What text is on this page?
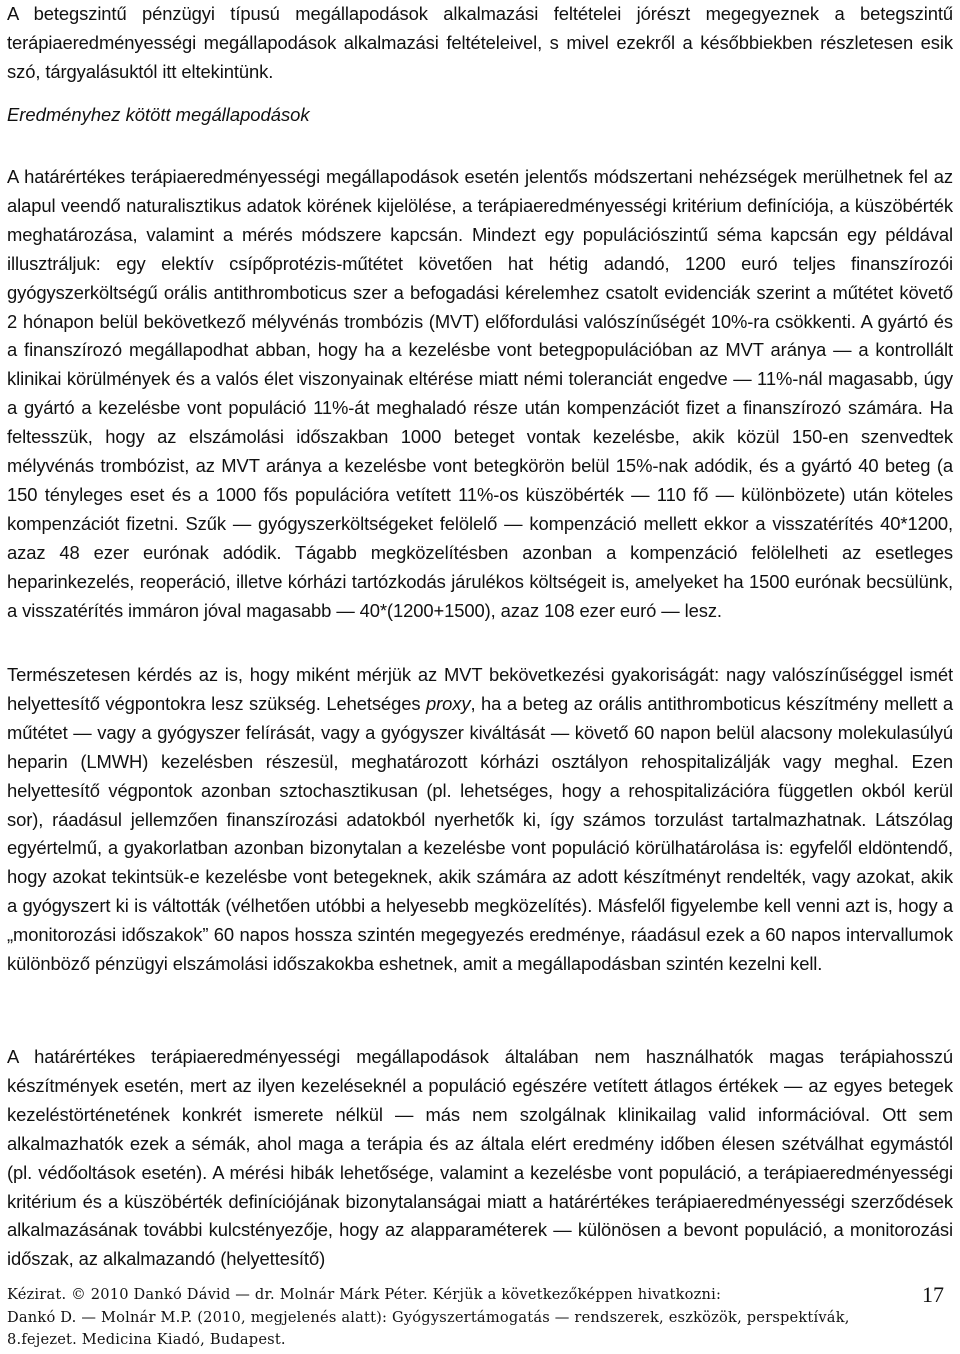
A betegszintű pénzügyi típusú megállapodások alkalmazási feltételei jórészt megegyeznek a betegszintű terápiaeredményességi megállapodások alkalmazási feltételeivel, s mivel ezekről a későbbiekben részletesen esik szó, tárgyalásuktól itt eltekintünk.

Eredményhez kötött megállapodások

A határértékes terápiaeredményességi megállapodások esetén jelentős módszertani nehézségek merülhetnek fel az alapul veendő naturalisztikus adatok körének kijelölése, a terápiaeredményességi kritérium definíciója, a küszöbérték meghatározása, valamint a mérés módszere kapcsán. Mindezt egy populációszintű séma kapcsán egy példával illusztráljuk: egy elektív csípőprotézis-műtétet követően hat hétig adandó, 1200 euró teljes finanszírozói gyógyszerköltségű orális antithromboticus szer a befogadási kérelemhez csatolt evidenciák szerint a műtétet követő 2 hónapon belül bekövetkező mélyvénás trombózis (MVT) előfordulási valószínűségét 10%-ra csökkenti. A gyártó és a finanszírozó megállapodhat abban, hogy ha a kezelésbe vont betegpopulációban az MVT aránya — a kontrollált klinikai körülmények és a valós élet viszonyainak eltérése miatt némi toleranciát engedve — 11%-nál magasabb, úgy a gyártó a kezelésbe vont populáció 11%-át meghaladó része után kompenzációt fizet a finanszírozó számára. Ha feltesszük, hogy az elszámolási időszakban 1000 beteget vontak kezelésbe, akik közül 150-en szenvedtek mélyvénás trombózist, az MVT aránya a kezelésbe vont betegkörön belül 15%-nak adódik, és a gyártó 40 beteg (a 150 tényleges eset és a 1000 fős populációra vetített 11%-os küszöbérték — 110 fő — különbözete) után köteles kompenzációt fizetni. Szűk — gyógyszerköltségeket felölelő — kompenzáció mellett ekkor a visszatérítés 40*1200, azaz 48 ezer eurónak adódik. Tágabb megközelítésben azonban a kompenzáció felölelheti az esetleges heparinkezelés, reoperáció, illetve kórházi tartózkodás járulékos költségeit is, amelyeket ha 1500 eurónak becsülünk, a visszatérítés immáron jóval magasabb — 40*(1200+1500), azaz 108 ezer euró — lesz.

Természetesen kérdés az is, hogy miként mérjük az MVT bekövetkezési gyakoriságát: nagy valószínűséggel ismét helyettesítő végpontokra lesz szükség. Lehetséges proxy, ha a beteg az orális antithromboticus készítmény mellett a műtétet — vagy a gyógyszer felírását, vagy a gyógyszer kiváltását — követő 60 napon belül alacsony molekulasúlyú heparin (LMWH) kezelésben részesül, meghatározott kórházi osztályon rehospitalizálják vagy meghal. Ezen helyettesítő végpontok azonban sztochasztikusan (pl. lehetséges, hogy a rehospitalizációra független okból kerül sor), ráadásul jellemzően finanszírozási adatokból nyerhetők ki, így számos torzulást tartalmazhatnak. Látszólag egyértelmű, a gyakorlatban azonban bizonytalan a kezelésbe vont populáció körülhatárolása is: egyfelől eldöntendő, hogy azokat tekintsük-e kezelésbe vont betegeknek, akik számára az adott készítményt rendelték, vagy azokat, akik a gyógyszert ki is váltották (vélhetően utóbbi a helyesebb megközelítés). Másfelől figyelembe kell venni azt is, hogy a „monitorozási időszakok” 60 napos hossza szintén megegyezés eredménye, ráadásul ezek a 60 napos intervallumok különböző pénzügyi elszámolási időszakokba eshetnek, amit a megállapodásban szintén kezelni kell.

A határértékes terápiaeredményességi megállapodások általában nem használhatók magas terápiahosszú készítmények esetén, mert az ilyen kezeléseknél a populáció egészére vetített átlagos értékek — az egyes betegek kezeléstörténetének konkrét ismerete nélkül — más nem szolgálnak klinikailag valid információval. Ott sem alkalmazhatók ezek a sémák, ahol maga a terápia és az általa elért eredmény időben élesen szétválhat egymástól (pl. védőoltások esetén). A mérési hibák lehetősége, valamint a kezelésbe vont populáció, a terápiaeredményességi kritérium és a küszöbérték definíciójának bizonytalanságai miatt a határértékes terápiaeredményességi szerződések alkalmazásának további kulcstényezője, hogy az alapparaméterek — különösen a bevont populáció, a monitorozási időszak, az alkalmazandó (helyettesítő)

Kézirat. © 2010 Dankó Dávid — dr. Molnár Márk Péter. Kérjük a következőképpen hivatkozni:
Dankó D. — Molnár M.P. (2010, megjelenés alatt): Gyógyszertámogatás — rendszerek, eszközök, perspektívák,
8.fejezet. Medicina Kiadó, Budapest.
17
